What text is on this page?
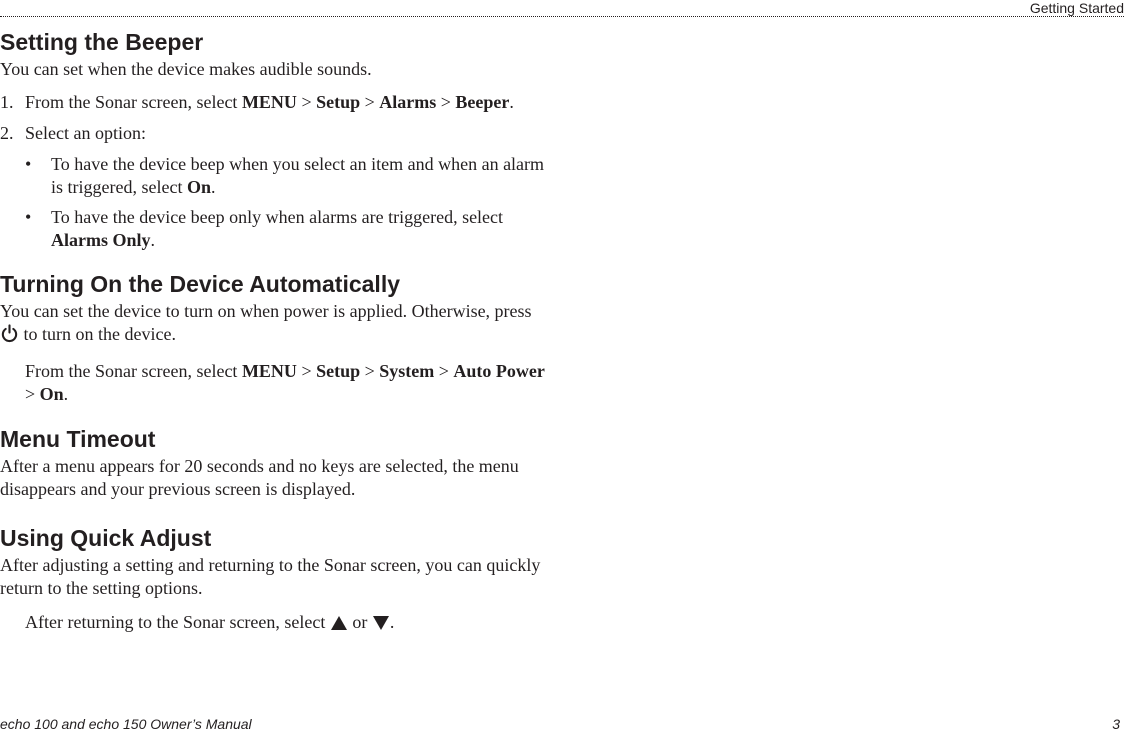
Getting Started
Setting the Beeper

You can set when the device makes audible sounds.

1. From the Sonar screen, select MENU > Setup > Alarms > Beeper.
2. Select an option:
•	To have the device beep when you select an item and when an alarm is triggered, select On.
•	To have the device beep only when alarms are triggered, select Alarms Only.
Turning On the Device Automatically

You can set the device to turn on when power is applied. Otherwise, press  to turn on the device.

From the Sonar screen, select MENU > Setup > System > Auto Power > On.

Menu Timeout

After a menu appears for 20 seconds and no keys are selected, the menu disappears and your previous screen is displayed.

Using Quick Adjust

After adjusting a setting and returning to the Sonar screen, you can quickly return to the setting options.

After returning to the Sonar screen, select  or .

echo 100 and echo 150 Owner’s Manual	3
